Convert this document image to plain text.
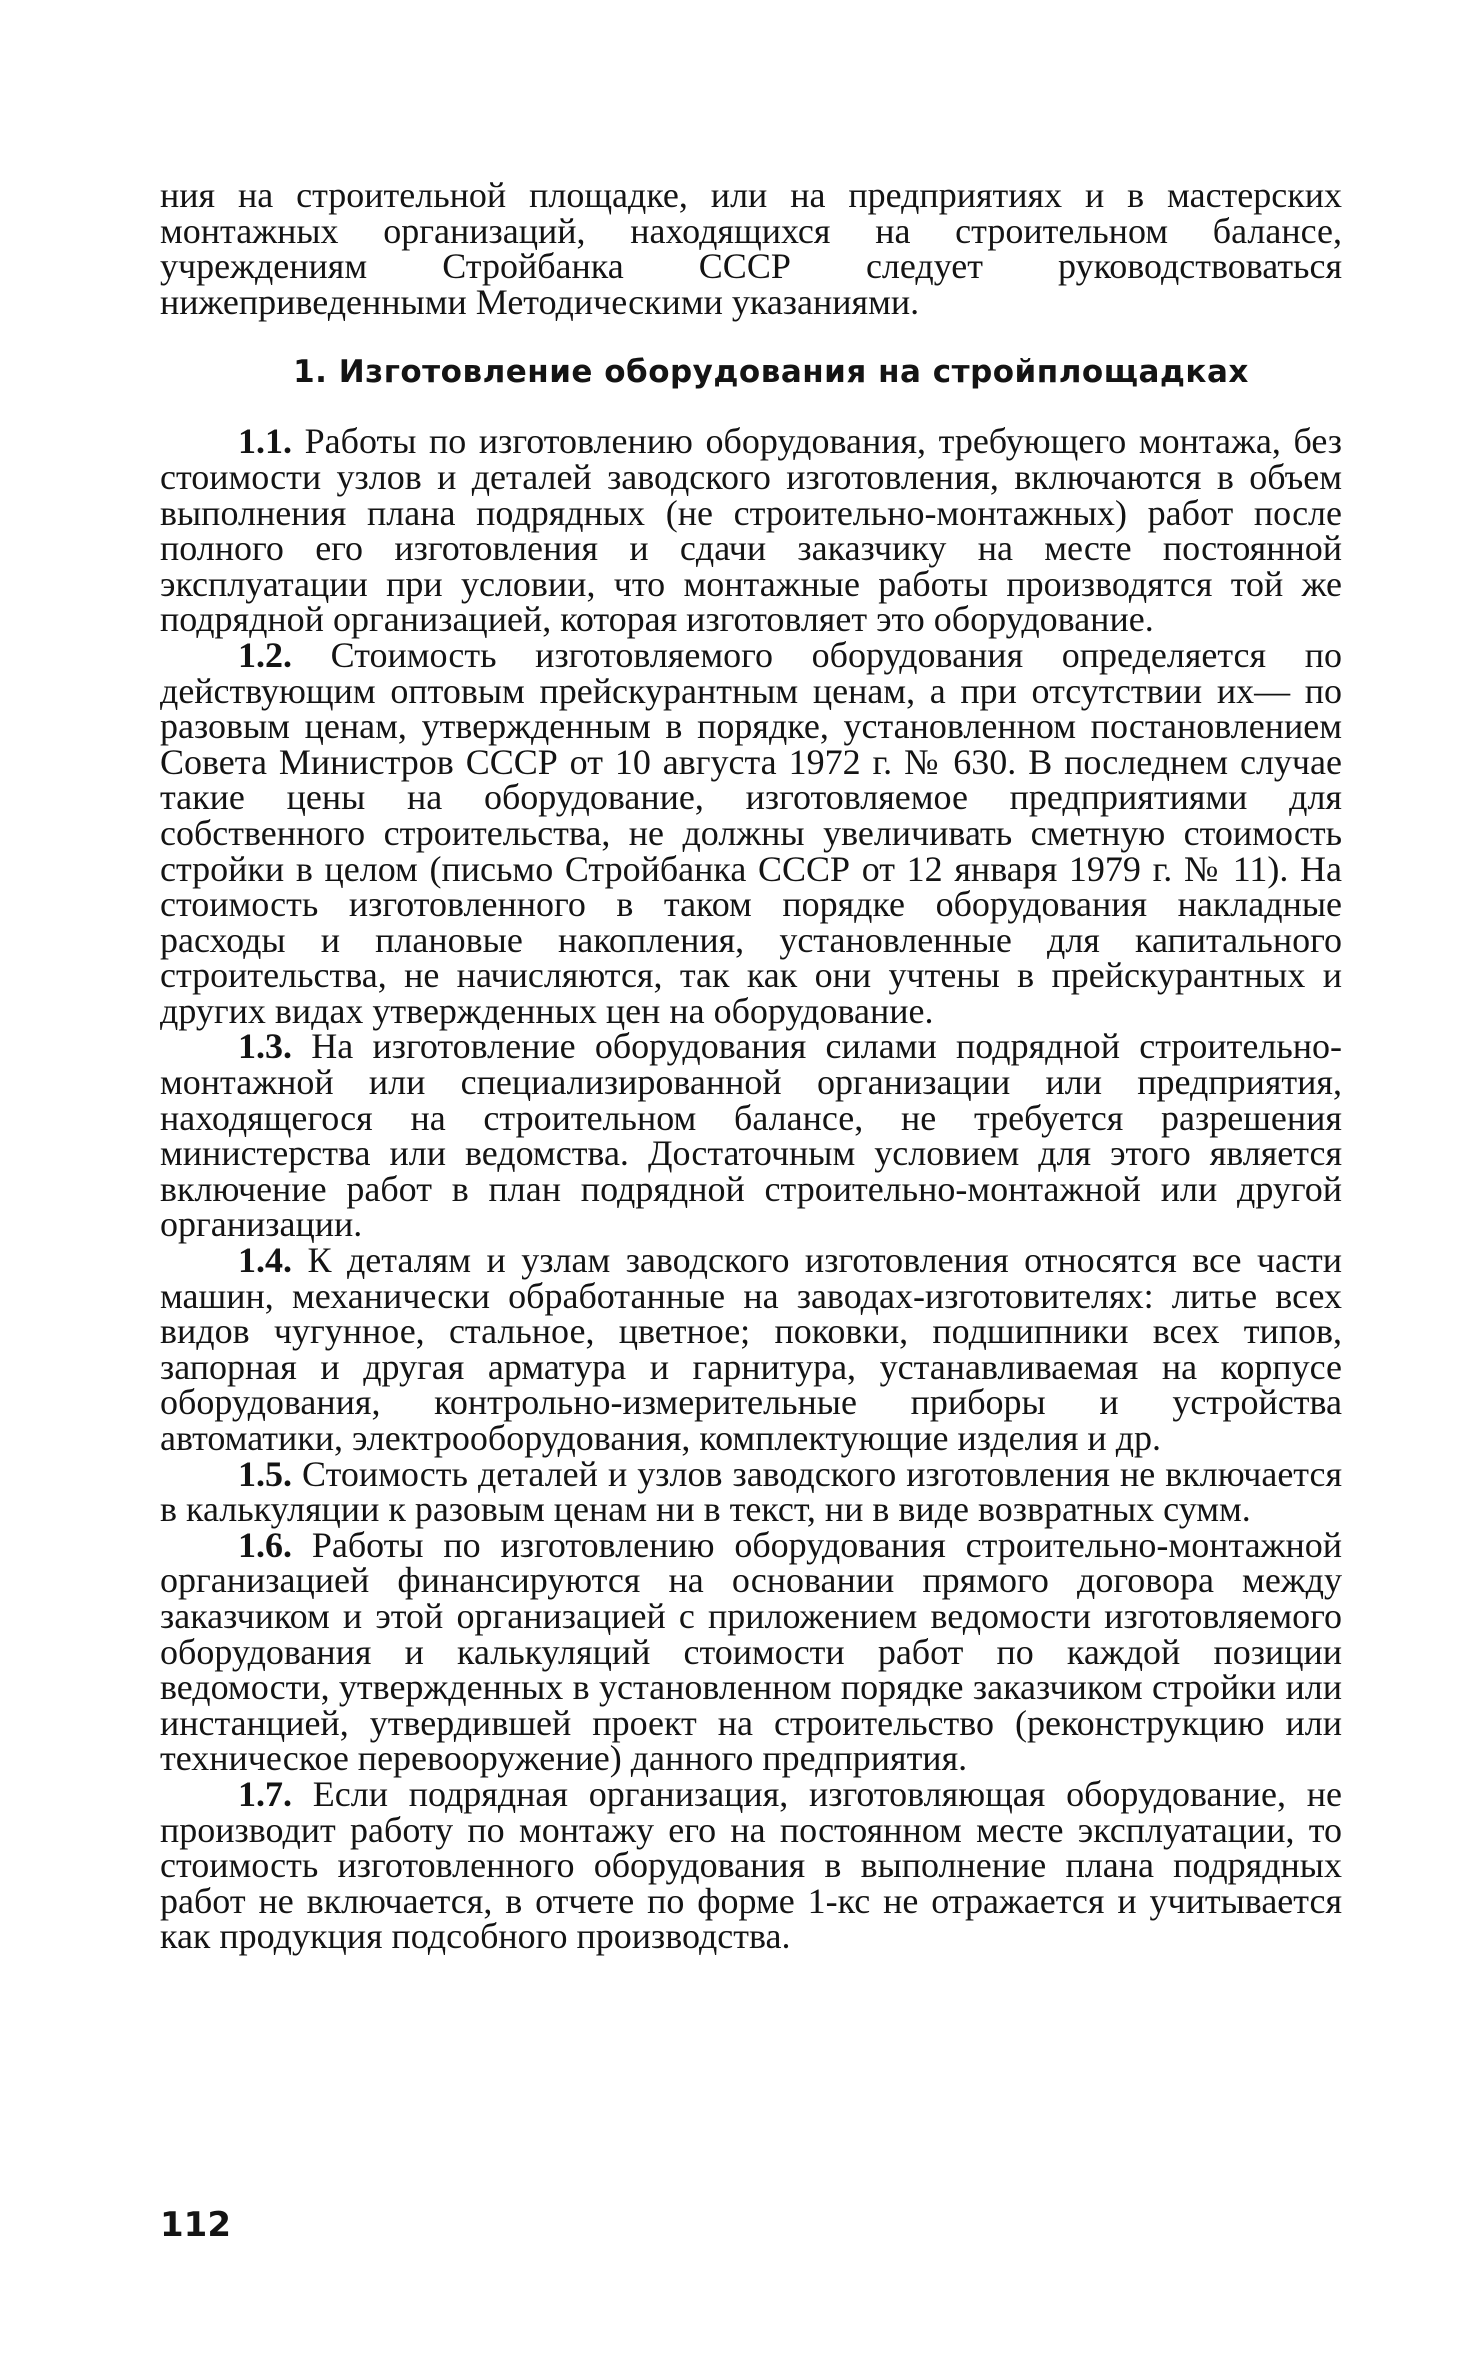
ния на строительной площадке, или на предприятиях и в мастерских монтажных организаций, находящихся на строительном балансе, учреждениям Стройбанка СССР следует руководствоваться нижеприведенными Методическими указаниями.

1. Изготовление оборудования на стройплощадках

1.1. Работы по изготовлению оборудования, требующего монтажа, без стоимости узлов и деталей заводского изготовления, включаются в объем выполнения плана подрядных (не строительно-монтажных) работ после полного его изготовления и сдачи заказчику на месте постоянной эксплуатации при условии, что монтажные работы производятся той же подрядной организацией, которая изготовляет это оборудование.

1.2. Стоимость изготовляемого оборудования определяется по действующим оптовым прейскурантным ценам, а при отсутствии их— по разовым ценам, утвержденным в порядке, установленном постановлением Совета Министров СССР от 10 августа 1972 г. № 630. В последнем случае такие цены на оборудование, изготовляемое предприятиями для собственного строительства, не должны увеличивать сметную стоимость стройки в целом (письмо Стройбанка СССР от 12 января 1979 г. № 11). На стоимость изготовленного в таком порядке оборудования накладные расходы и плановые накопления, установленные для капитального строительства, не начисляются, так как они учтены в прейскурантных и других видах утвержденных цен на оборудование.

1.3. На изготовление оборудования силами подрядной строительно-монтажной или специализированной организации или предприятия, находящегося на строительном балансе, не требуется разрешения министерства или ведомства. Достаточным условием для этого является включение работ в план подрядной строительно-монтажной или другой организации.

1.4. К деталям и узлам заводского изготовления относятся все части машин, механически обработанные на заводах-изготовителях: литье всех видов чугунное, стальное, цветное; поковки, подшипники всех типов, запорная и другая арматура и гарнитура, устанавливаемая на корпусе оборудования, контрольно-измерительные приборы и устройства автоматики, электрооборудования, комплектующие изделия и др.

1.5. Стоимость деталей и узлов заводского изготовления не включается в калькуляции к разовым ценам ни в текст, ни в виде возвратных сумм.

1.6. Работы по изготовлению оборудования строительно-монтажной организацией финансируются на основании прямого договора между заказчиком и этой организацией с приложением ведомости изготовляемого оборудования и калькуляций стоимости работ по каждой позиции ведомости, утвержденных в установленном порядке заказчиком стройки или инстанцией, утвердившей проект на строительство (реконструкцию или техническое перевооружение) данного предприятия.

1.7. Если подрядная организация, изготовляющая оборудование, не производит работу по монтажу его на постоянном месте эксплуатации, то стоимость изготовленного оборудования в выполнение плана подрядных работ не включается, в отчете по форме 1-кс не отражается и учитывается как продукция подсобного производства.

112
